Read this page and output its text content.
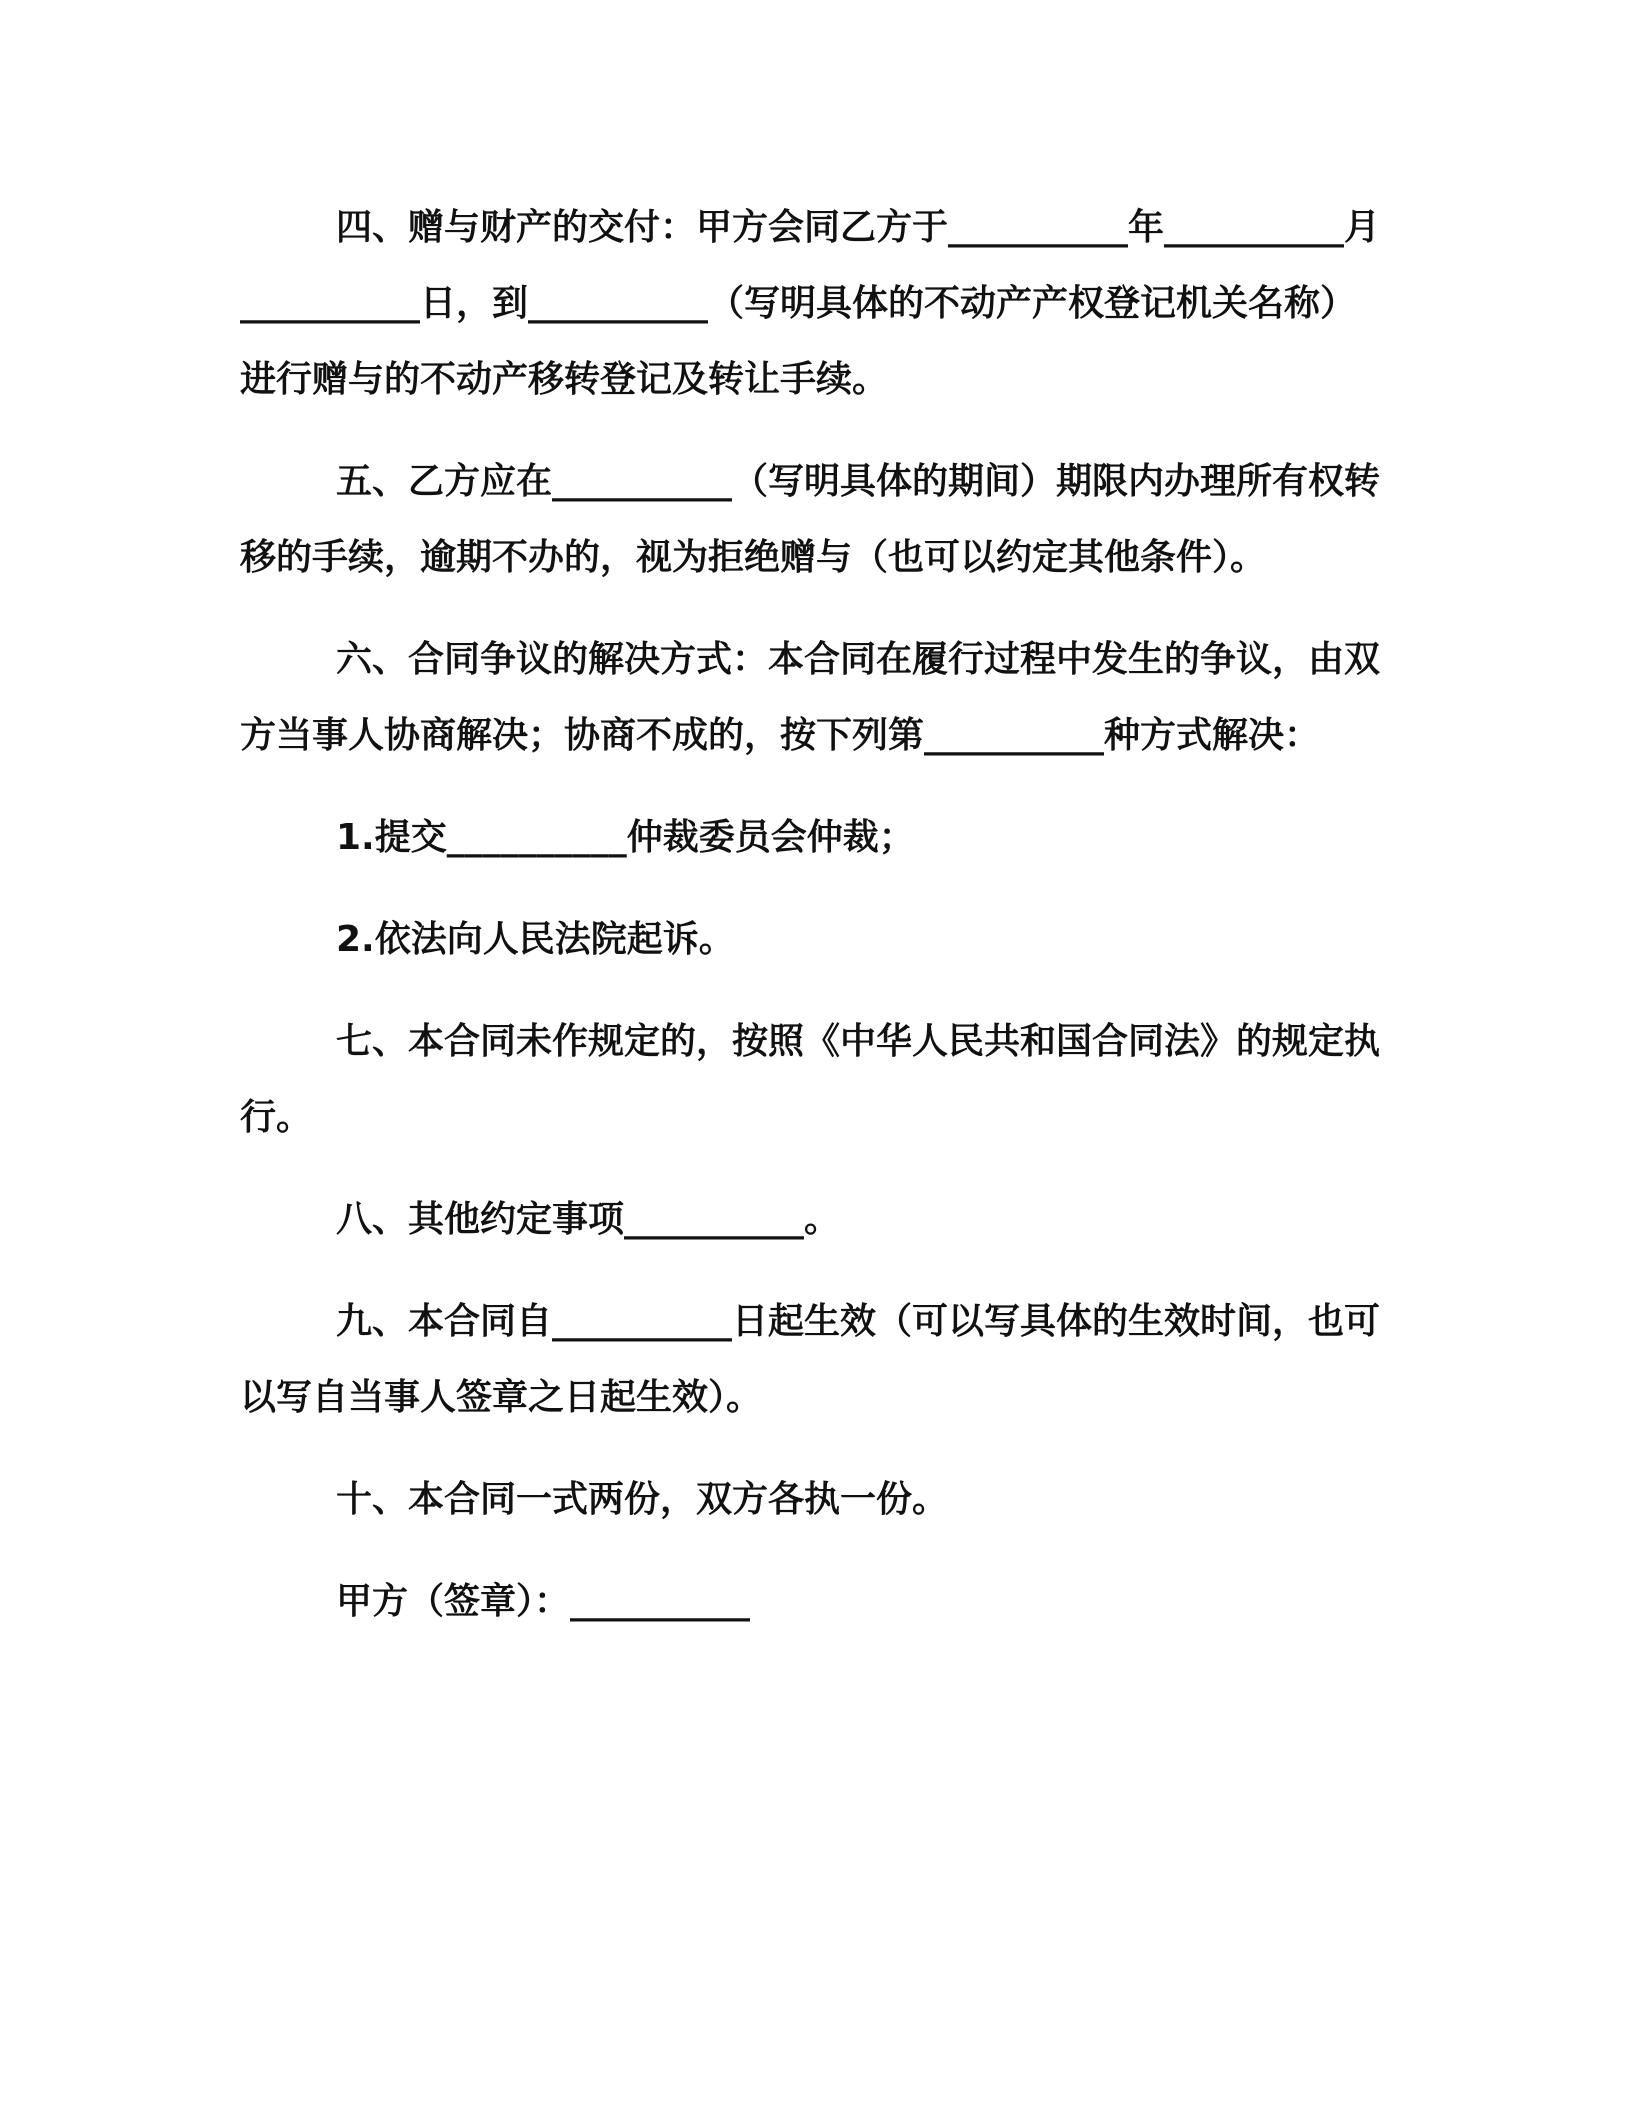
四、赠与财产的交付：甲方会同乙方于__________年__________月__________日，到__________（写明具体的不动产产权登记机关名称）进行赠与的不动产移转登记及转让手续。

五、乙方应在__________（写明具体的期间）期限内办理所有权转移的手续，逾期不办的，视为拒绝赠与（也可以约定其他条件）。

六、合同争议的解决方式：本合同在履行过程中发生的争议，由双方当事人协商解决；协商不成的，按下列第__________种方式解决：

1.提交__________仲裁委员会仲裁；

2.依法向人民法院起诉。

七、本合同未作规定的，按照《中华人民共和国合同法》的规定执行。

八、其他约定事项__________。

九、本合同自__________日起生效（可以写具体的生效时间，也可以写自当事人签章之日起生效）。

十、本合同一式两份，双方各执一份。

甲方（签章）：__________
